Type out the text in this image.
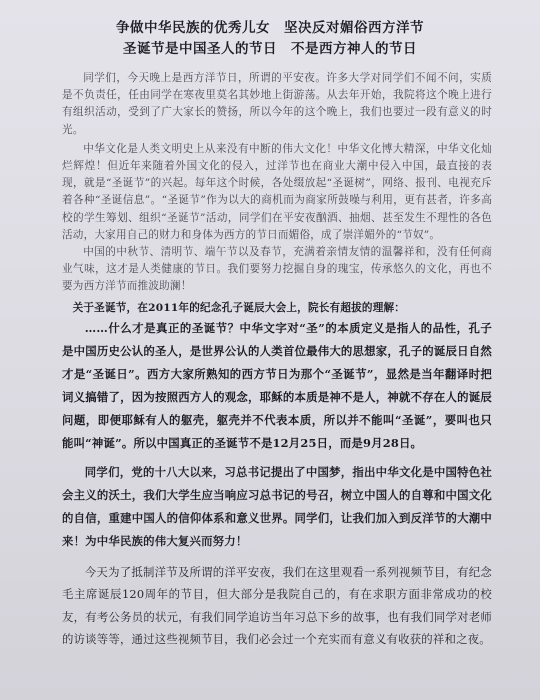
争做中华民族的优秀儿女　坚决反对媚俗西方洋节
圣诞节是中国圣人的节日　不是西方神人的节日

同学们，今天晚上是西方洋节日，所谓的平安夜。许多大学对同学们不闻不问，实质是不负责任，任由同学在寒夜里莫名其妙地上街游荡。从去年开始，我院将这个晚上进行有组织活动，受到了广大家长的赞扬，所以今年的这个晚上，我们也要过一段有意义的时光。

中华文化是人类文明史上从来没有中断的伟大文化！中华文化博大精深，中华文化灿烂辉煌！但近年来随着外国文化的侵入，过洋节也在商业大潮中侵入中国，最直接的表现，就是“圣诞节”的兴起。每年这个时候，各处缀放起“圣诞树”，网络、报刊、电视充斥着各种“圣诞信息”。“圣诞节”作为以大的商机而为商家所鼓噪与利用，更有甚者，许多高校的学生筹划、组织“圣诞节”活动，同学们在平安夜酗酒、抽烟、甚至发生不理性的各色活动，大家用自己的财力和身体为西方的节日而媚俗，成了崇洋媚外的“节奴”。

中国的中秋节、清明节、端午节以及春节，充满着亲情友情的温馨祥和，没有任何商业气味，这才是人类健康的节日。我们要努力挖掘自身的瑰宝，传承悠久的文化，再也不要为西方洋节而推波助澜！

关于圣诞节，在2011年的纪念孔子诞辰大会上，院长有超拔的理解：

……什么才是真正的圣诞节？中华文字对“圣”的本质定义是指人的品性，孔子是中国历史公认的圣人，是世界公认的人类首位最伟大的思想家，孔子的诞辰日自然才是“圣诞日”。西方大家所熟知的西方节日为那个“圣诞节”，显然是当年翻译时把词义搞错了，因为按照西方人的观念，耶稣的本质是神不是人，神就不存在人的诞辰问题，即便耶稣有人的躯壳，躯壳并不代表本质，所以并不能叫“圣诞”，要叫也只能叫“神诞”。所以中国真正的圣诞节不是12月25日，而是9月28日。

同学们，党的十八大以来，习总书记提出了中国梦，指出中华文化是中国特色社会主义的沃土，我们大学生应当响应习总书记的号召，树立中国人的自尊和中国文化的自信，重建中国人的信仰体系和意义世界。同学们，让我们加入到反洋节的大潮中来！为中华民族的伟大复兴而努力！

今天为了抵制洋节及所谓的洋平安夜，我们在这里观看一系列视频节目，有纪念毛主席诞辰120周年的节目，但大部分是我院自己的，有在求职方面非常成功的校友，有考公务员的状元，有我们同学追访当年习总下乡的故事，也有我们同学对老师的访谈等等，通过这些视频节目，我们必会过一个充实而有意义有收获的祥和之夜。
